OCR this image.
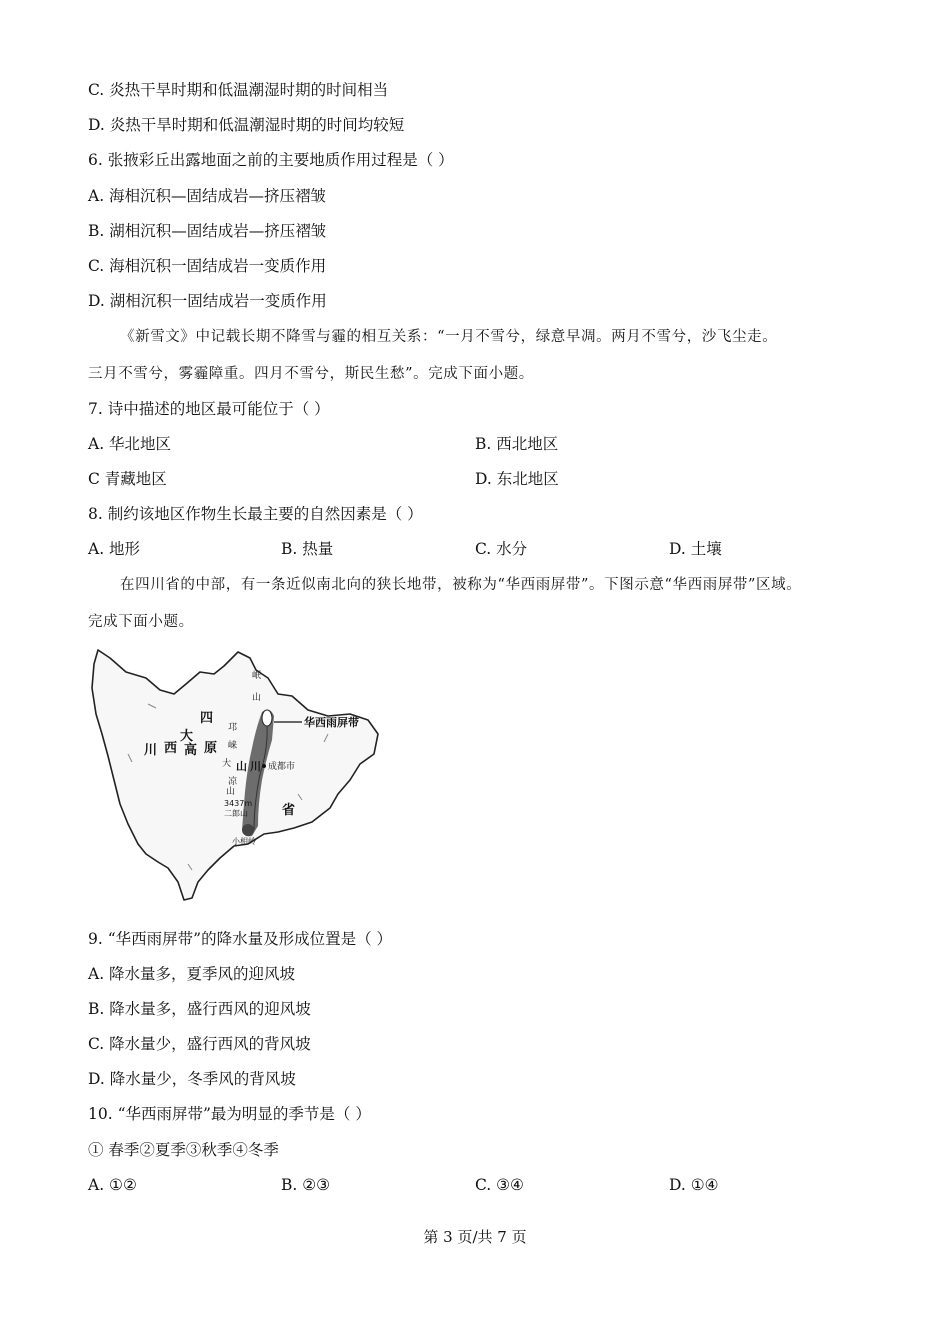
C. 炎热干旱时期和低温潮湿时期的时间相当
D. 炎热干旱时期和低温潮湿时期的时间均较短
6. 张掖彩丘出露地面之前的主要地质作用过程是（ ）
A. 海相沉积—固结成岩—挤压褶皱
B. 湖相沉积—固结成岩—挤压褶皱
C. 海相沉积一固结成岩一变质作用
D. 湖相沉积一固结成岩一变质作用
《新雪文》中记载长期不降雪与霾的相互关系：“一月不雪兮，绿意早凋。两月不雪兮，沙飞尘走。
三月不雪兮，雾霾障重。四月不雪兮，斯民生愁”。完成下面小题。
7. 诗中描述的地区最可能位于（ ）
A. 华北地区	B. 西北地区
C 青藏地区	D. 东北地区
8. 制约该地区作物生长最主要的自然因素是（ ）
A. 地形	B. 热量	C. 水分	D. 土壤
在四川省的中部，有一条近似南北向的狭长地带，被称为“华西雨屏带”。下图示意“华西雨屏带”区域。
完成下面小题。
华西雨屏带
岷
山
四
邛
大
川 西 高 原 崃
大 山 川 成都市
凉
山
3437m
二郎山
小相岭
省
9. “华西雨屏带”的降水量及形成位置是（ ）
A. 降水量多，夏季风的迎风坡
B. 降水量多，盛行西风的迎风坡
C. 降水量少，盛行西风的背风坡
D. 降水量少，冬季风的背风坡
10. “华西雨屏带”最为明显的季节是（ ）
① 春季②夏季③秋季④冬季
A. ①②	B. ②③	C. ③④	D. ①④
第 3 页/共 7 页
